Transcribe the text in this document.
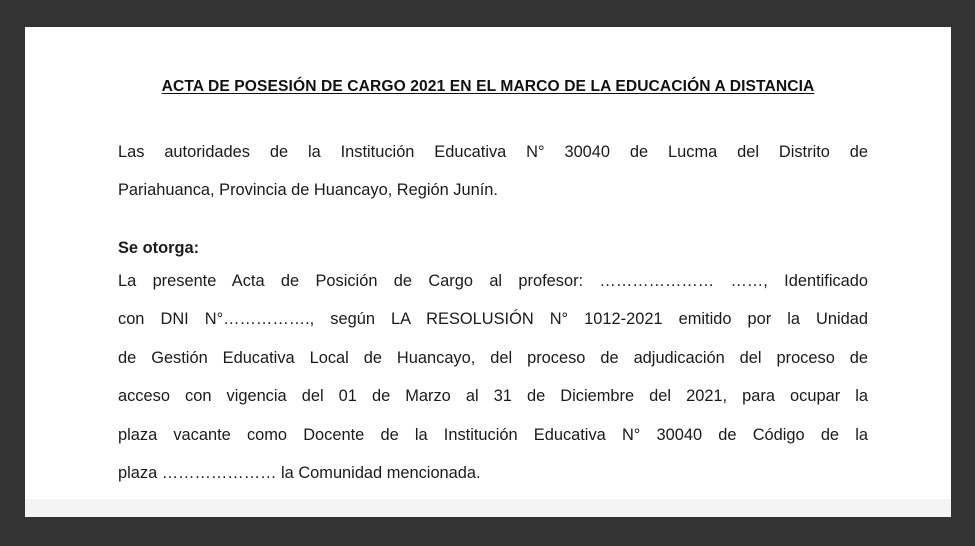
ACTA DE POSESIÓN DE CARGO 2021 EN EL MARCO DE LA EDUCACIÓN A DISTANCIA

Las autoridades de la Institución Educativa N° 30040 de Lucma del Distrito de
Pariahuanca, Provincia de Huancayo, Región Junín.

Se otorga:

La presente Acta de Posición de Cargo al profesor: ………………… ……, Identificado
con DNI N°……………., según LA RESOLUSIÓN N° 1012-2021 emitido por la Unidad
de Gestión Educativa Local de Huancayo, del proceso de adjudicación del proceso de
acceso con vigencia del 01 de Marzo al 31 de Diciembre del 2021, para ocupar la
plaza vacante como Docente de la Institución Educativa N° 30040 de Código de la
plaza ………………… la Comunidad mencionada.
